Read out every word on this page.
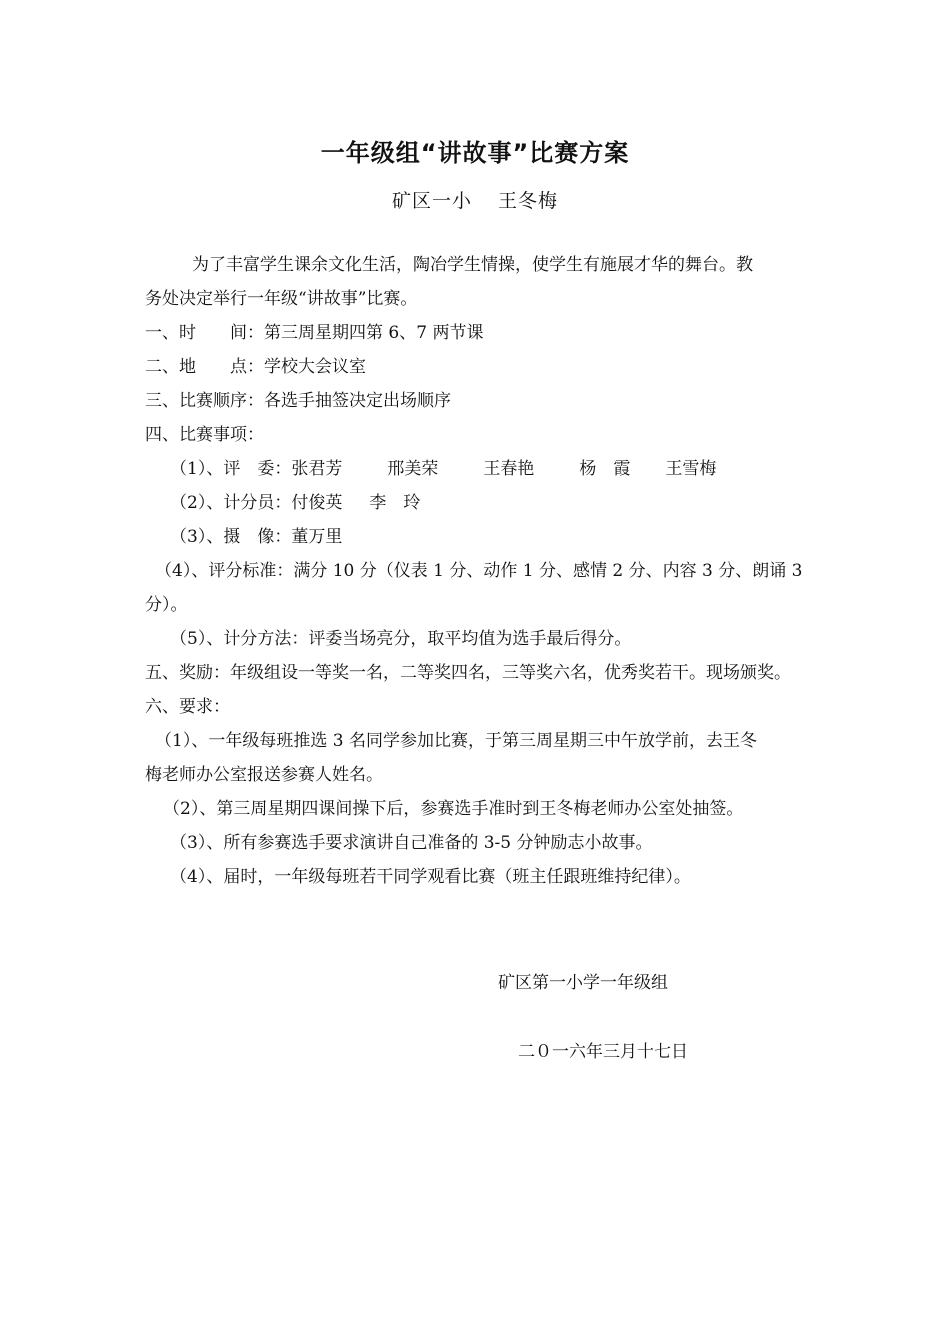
一年级组“讲故事”比赛方案
矿区一小 王冬梅
为了丰富学生课余文化生活，陶冶学生情操，使学生有施展才华的舞台。教
务处决定举行一年级“讲故事”比赛。
一、时　　间：第三周星期四第 6、7 两节课
二、地　　点：学校大会议室
三、比赛顺序：各选手抽签决定出场顺序
四、比赛事项：
（1）、评　委：张君芳	邢美荣	王春艳	杨　霞 王雪梅
（2）、计分员：付俊英 李　玲
（3）、摄　像：董万里
（4）、评分标准：满分 10 分（仪表 1 分、动作 1 分、感情 2 分、内容 3 分、朗诵 3
分）。
（5）、计分方法：评委当场亮分，取平均值为选手最后得分。
五、奖励：年级组设一等奖一名，二等奖四名，三等奖六名，优秀奖若干。现场颁奖。
六、要求：
（1）、一年级每班推选 3 名同学参加比赛，于第三周星期三中午放学前，去王冬
梅老师办公室报送参赛人姓名。
（2）、第三周星期四课间操下后，参赛选手准时到王冬梅老师办公室处抽签。
（3）、所有参赛选手要求演讲自己准备的 3-5 分钟励志小故事。
（4）、届时，一年级每班若干同学观看比赛（班主任跟班维持纪律）。
矿区第一小学一年级组
二０一六年三月十七日
